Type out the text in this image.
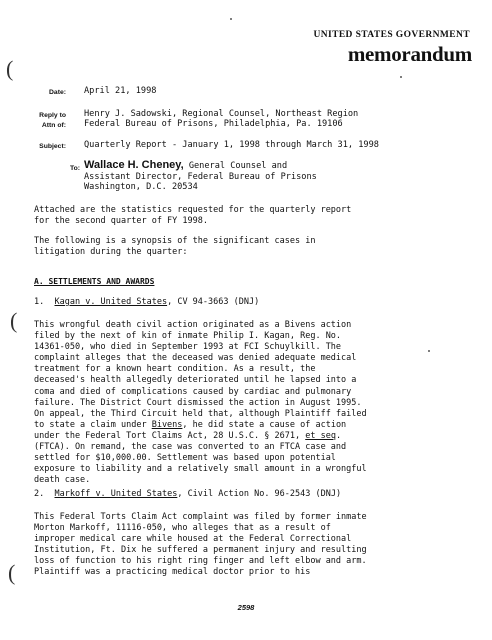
UNITED STATES GOVERNMENT
memorandum
(
(
(
Date: April 21, 1998
Reply to
Attn of:
Henry J. Sadowski, Regional Counsel, Northeast Region
Federal Bureau of Prisons, Philadelphia, Pa. 19106
Subject: Quarterly Report - January 1, 1998 through March 31, 1998
To: Wallace H. Cheney, General Counsel and
Assistant Director, Federal Bureau of Prisons
Washington, D.C. 20534
Attached are the statistics requested for the quarterly report
for the second quarter of FY 1998.
The following is a synopsis of the significant cases in
litigation during the quarter:
A. SETTLEMENTS AND AWARDS
1. Kagan v. United States, CV 94-3663 (DNJ)
This wrongful death civil action originated as a Bivens action
filed by the next of kin of inmate Philip I. Kagan, Reg. No.
14361-050, who died in September 1993 at FCI Schuylkill. The
complaint alleges that the deceased was denied adequate medical
treatment for a known heart condition. As a result, the
deceased's health allegedly deteriorated until he lapsed into a
coma and died of complications caused by cardiac and pulmonary
failure. The District Court dismissed the action in August 1995.
On appeal, the Third Circuit held that, although Plaintiff failed
to state a claim under Bivens, he did state a cause of action
under the Federal Tort Claims Act, 28 U.S.C. § 2671, et seq.
(FTCA). On remand, the case was converted to an FTCA case and
settled for $10,000.00. Settlement was based upon potential
exposure to liability and a relatively small amount in a wrongful
death case.
2. Markoff v. United States, Civil Action No. 96-2543 (DNJ)
This Federal Torts Claim Act complaint was filed by former inmate
Morton Markoff, 11116-050, who alleges that as a result of
improper medical care while housed at the Federal Correctional
Institution, Ft. Dix he suffered a permanent injury and resulting
loss of function to his right ring finger and left elbow and arm.
Plaintiff was a practicing medical doctor prior to his
2598
